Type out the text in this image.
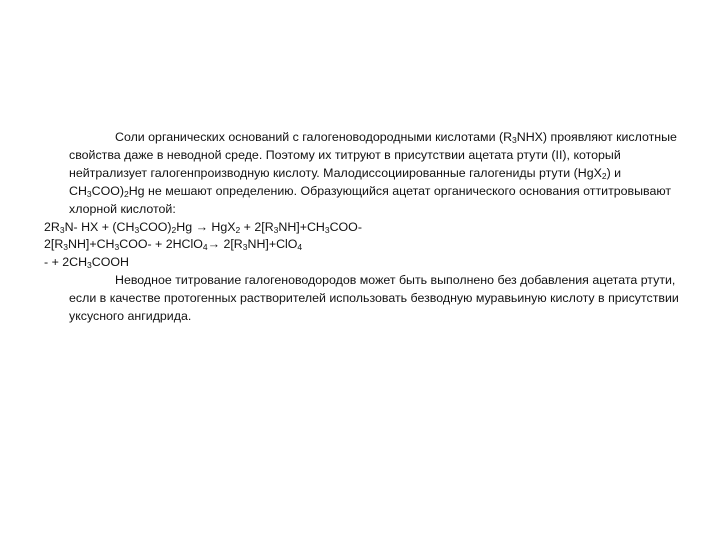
Соли органических оснований с галогеноводородными кислотами $(R_3NHX)$ проявляют кислотные свойства даже в неводной среде. Поэтому их титруют в присутствии ацетата ртути (II), который нейтрализует галогенпроизводную кислоту. Малодиссоциированные галогениды ртути (HgX$_2$) и $CH_3COO)_2Hg$ не мешают определению. Образующийся ацетат органического основания оттитровывают хлорной кислотой:

$2R_3N-$ HX + $(CH_3COO)_2Hg \to HgX_2 + 2[R_3NH]+CH_3COO-$

$2[R_3NH]+CH_3COO-$ + 2HClO$_4$→ $2[R_3NH]+ClO_4$

- + $2CH_3COOH$

Неводное титрование галогеноводородов может быть выполнено без добавления ацетата ртути, если в качестве протогенных растворителей использовать безводную муравьиную кислоту в присутствии уксусного ангидрида.
